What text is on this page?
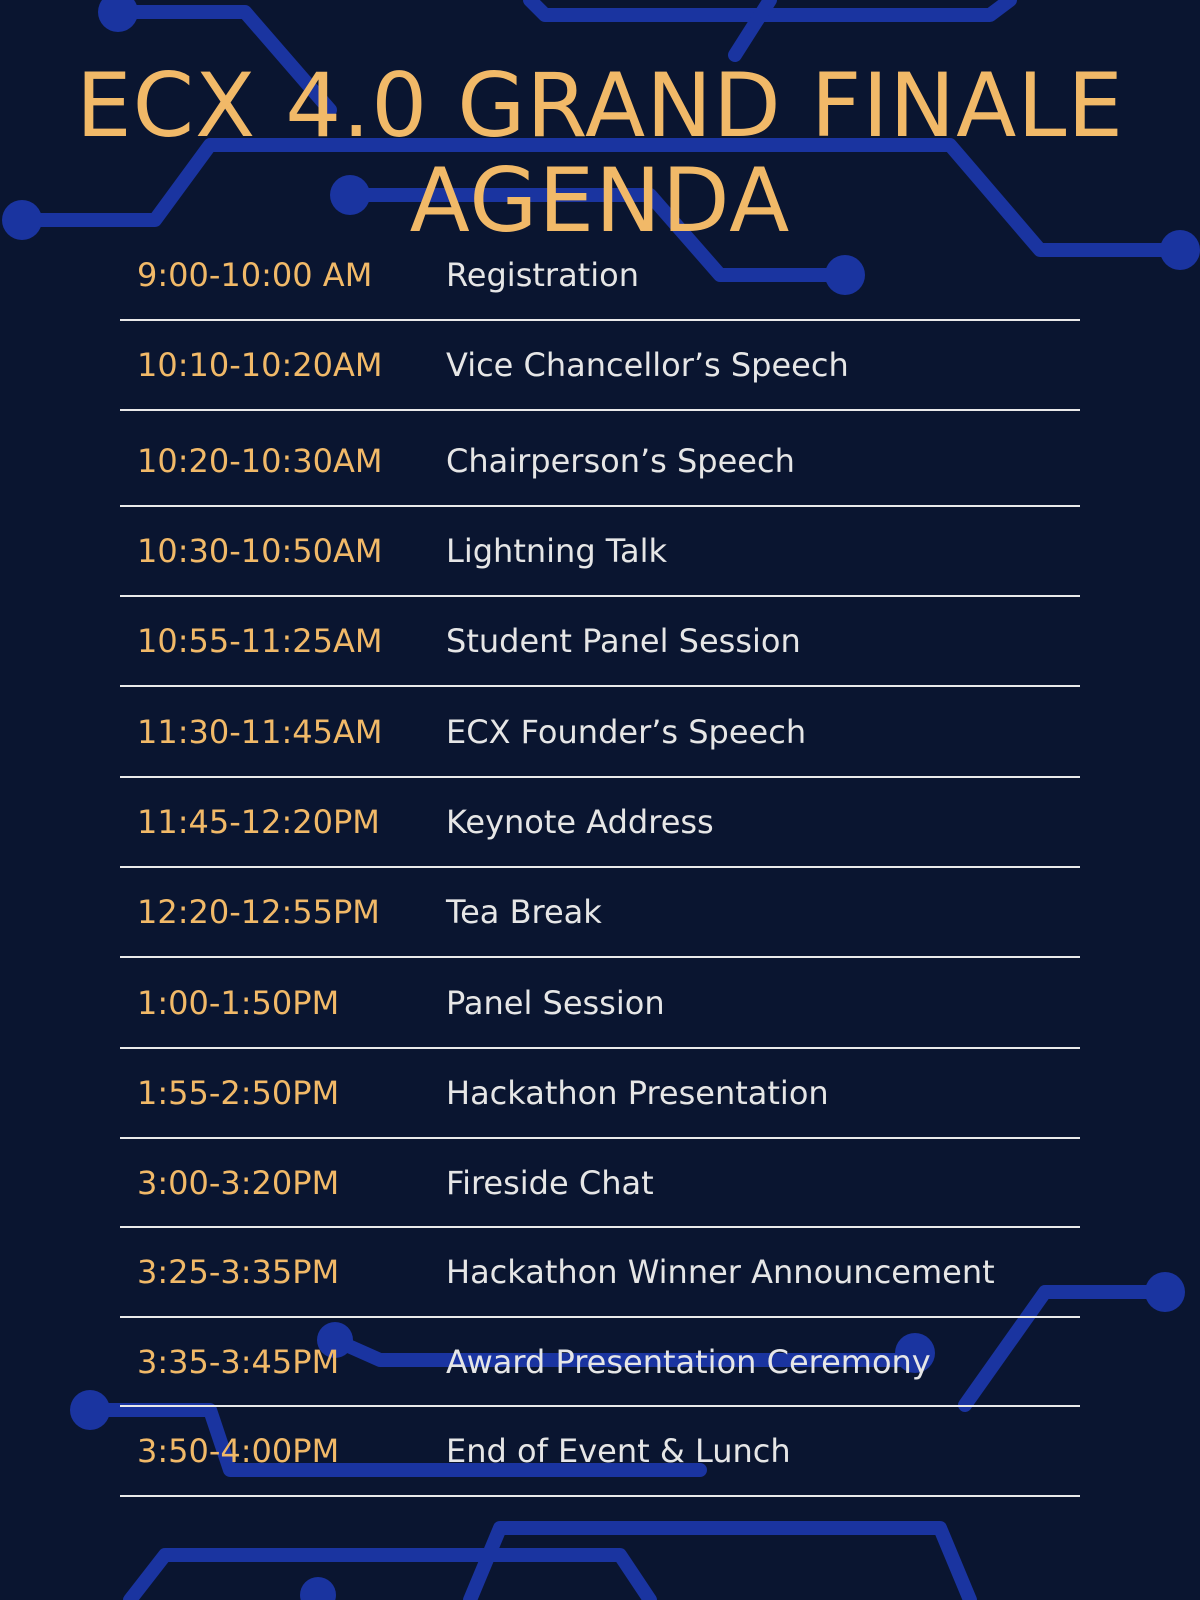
ECX 4.0 GRAND FINALE
AGENDA
9:00-10:00 AM Registration
10:10-10:20AM Vice Chancellor’s Speech
10:20-10:30AM Chairperson’s Speech
10:30-10:50AM Lightning Talk
10:55-11:25AM Student Panel Session
11:30-11:45AM ECX Founder’s Speech
11:45-12:20PM Keynote Address
12:20-12:55PM Tea Break
1:00-1:50PM	Panel Session
1:55-2:50PM	Hackathon Presentation
3:00-3:20PM	Fireside Chat
3:25-3:35PM	Hackathon Winner Announcement
3:35-3:45PM	Award Presentation Ceremony
3:50-4:00PM	End of Event & Lunch
